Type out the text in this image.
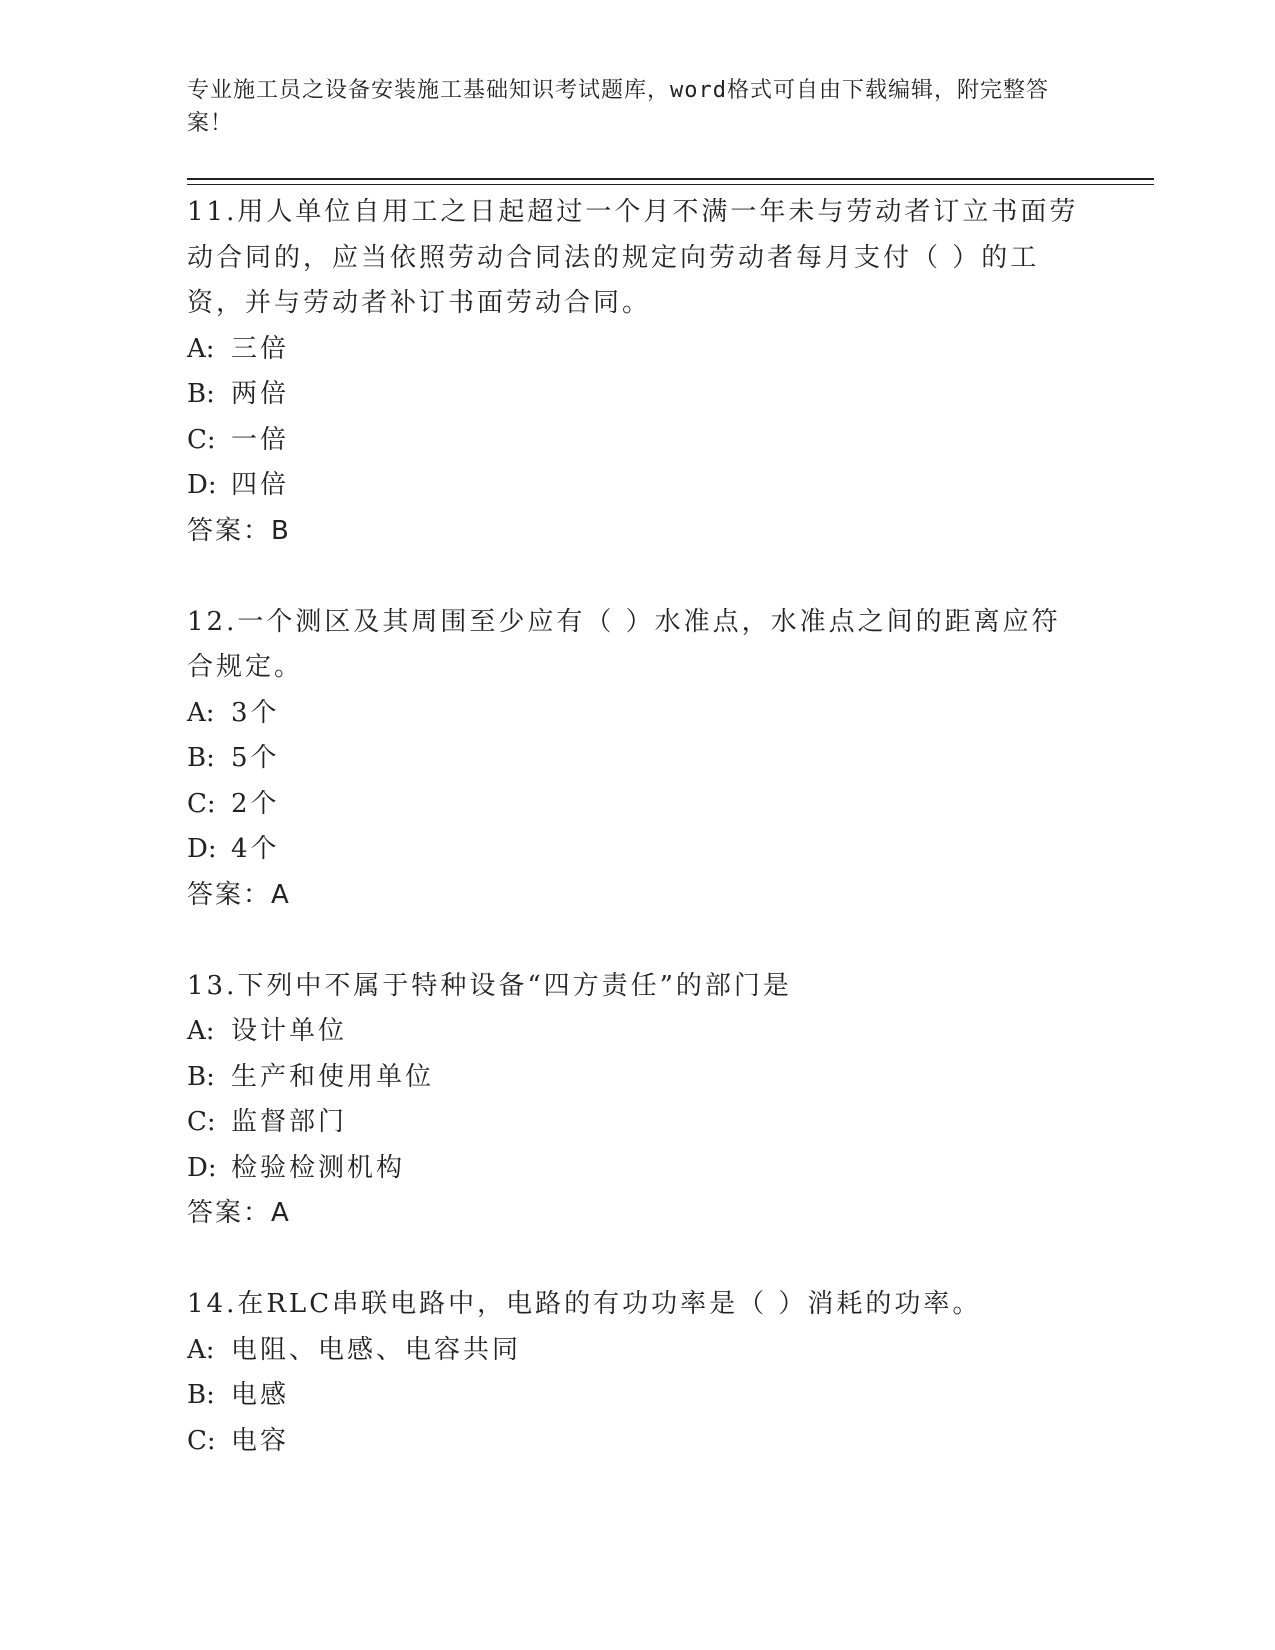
专业施工员之设备安装施工基础知识考试题库，word格式可自由下载编辑，附完整答案！
11.用人单位自用工之日起超过一个月不满一年未与劳动者订立书面劳动合同的，应当依照劳动合同法的规定向劳动者每月支付（ ）的工资，并与劳动者补订书面劳动合同。
A: 三倍
B: 两倍
C: 一倍
D: 四倍
答案：B
12.一个测区及其周围至少应有（ ）水准点，水准点之间的距离应符合规定。
A: 3个
B: 5个
C: 2个
D: 4个
答案：A
13.下列中不属于特种设备“四方责任”的部门是
A: 设计单位
B: 生产和使用单位
C: 监督部门
D: 检验检测机构
答案：A
14.在RLC串联电路中，电路的有功功率是（ ）消耗的功率。
A: 电阻、电感、电容共同
B: 电感
C: 电容
